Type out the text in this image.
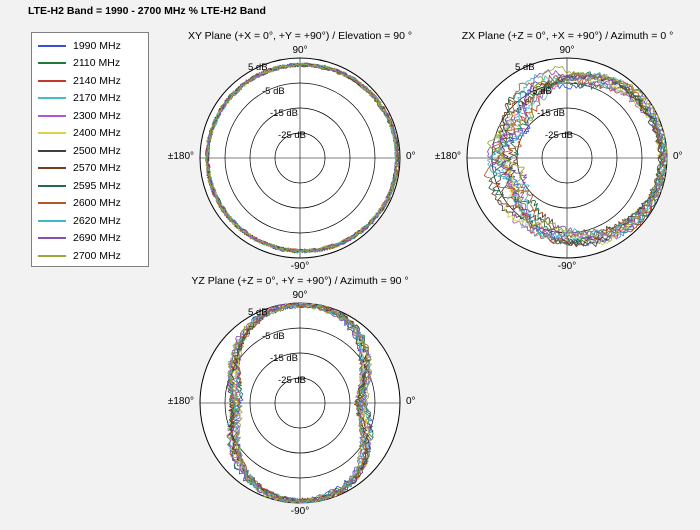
LTE-H2 Band = 1990 - 2700 MHz % LTE-H2 Band
1990 MHz
2110 MHz
2140 MHz
2170 MHz
2300 MHz
2400 MHz
2500 MHz
2570 MHz
2595 MHz
2600 MHz
2620 MHz
2690 MHz
2700 MHz
XY Plane (+X = 0°, +Y = +90°) / Elevation = 90 °
90°
0°
-90°
±180°
5 dB
-5 dB
-15 dB
-25 dB
ZX Plane (+Z = 0°, +X = +90°) / Azimuth = 0 °
90°
0°
-90°
±180°
5 dB
-5 dB
-15 dB
-25 dB
YZ Plane (+Z = 0°, +Y = +90°) / Azimuth = 90 °
90°
0°
-90°
±180°
5 dB
-5 dB
-15 dB
-25 dB
